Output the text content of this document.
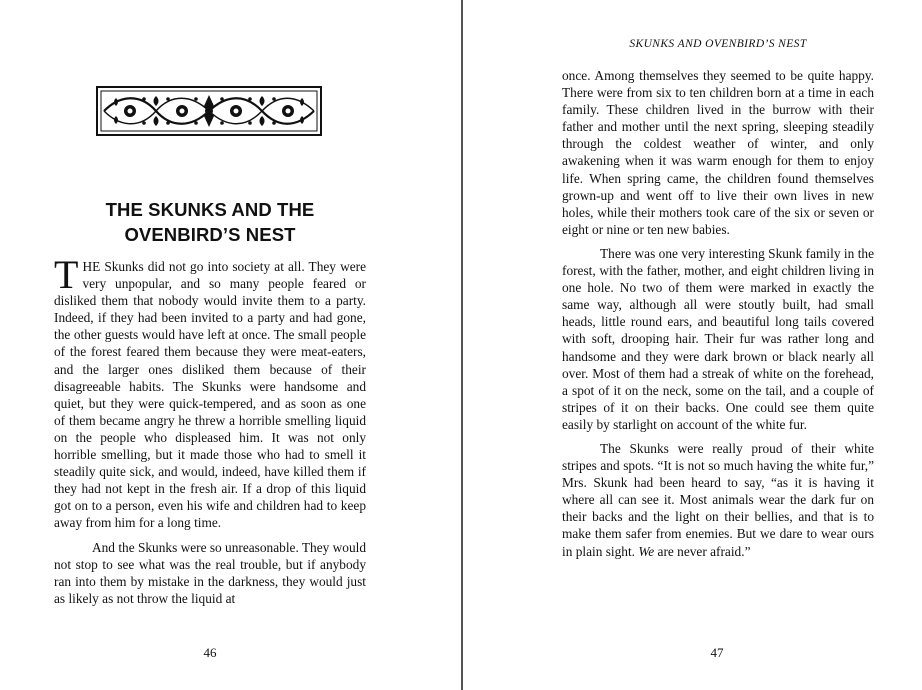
THE SKUNKS AND THE
OVENBIRD’S NEST

THE Skunks did not go into society at all. They were very unpopular, and so many people feared or disliked them that nobody would invite them to a party. Indeed, if they had been invited to a party and had gone, the other guests would have left at once. The small people of the forest feared them because they were meat-eaters, and the larger ones disliked them because of their disagreeable habits. The Skunks were handsome and quiet, but they were quick-tempered, and as soon as one of them became angry he threw a horrible smelling liquid on the people who displeased him. It was not only horrible smelling, but it made those who had to smell it steadily quite sick, and would, indeed, have killed them if they had not kept in the fresh air. If a drop of this liquid got on to a person, even his wife and children had to keep away from him for a long time.

And the Skunks were so unreasonable. They would not stop to see what was the real trouble, but if anybody ran into them by mistake in the darkness, they would just as likely as not throw the liquid at

46
SKUNKS AND OVENBIRD’S NEST

once. Among themselves they seemed to be quite happy. There were from six to ten children born at a time in each family. These children lived in the burrow with their father and mother until the next spring, sleeping steadily through the coldest weather of winter, and only awakening when it was warm enough for them to enjoy life. When spring came, the children found themselves grown-up and went off to live their own lives in new holes, while their mothers took care of the six or seven or eight or nine or ten new babies.

There was one very interesting Skunk family in the forest, with the father, mother, and eight children living in one hole. No two of them were marked in exactly the same way, although all were stoutly built, had small heads, little round ears, and beautiful long tails covered with soft, drooping hair. Their fur was rather long and handsome and they were dark brown or black nearly all over. Most of them had a streak of white on the forehead, a spot of it on the neck, some on the tail, and a couple of stripes of it on their backs. One could see them quite easily by starlight on account of the white fur.

The Skunks were really proud of their white stripes and spots. “It is not so much having the white fur,” Mrs. Skunk had been heard to say, “as it is having it where all can see it. Most animals wear the dark fur on their backs and the light on their bellies, and that is to make them safer from enemies. But we dare to wear ours in plain sight. We are never afraid.”

47
